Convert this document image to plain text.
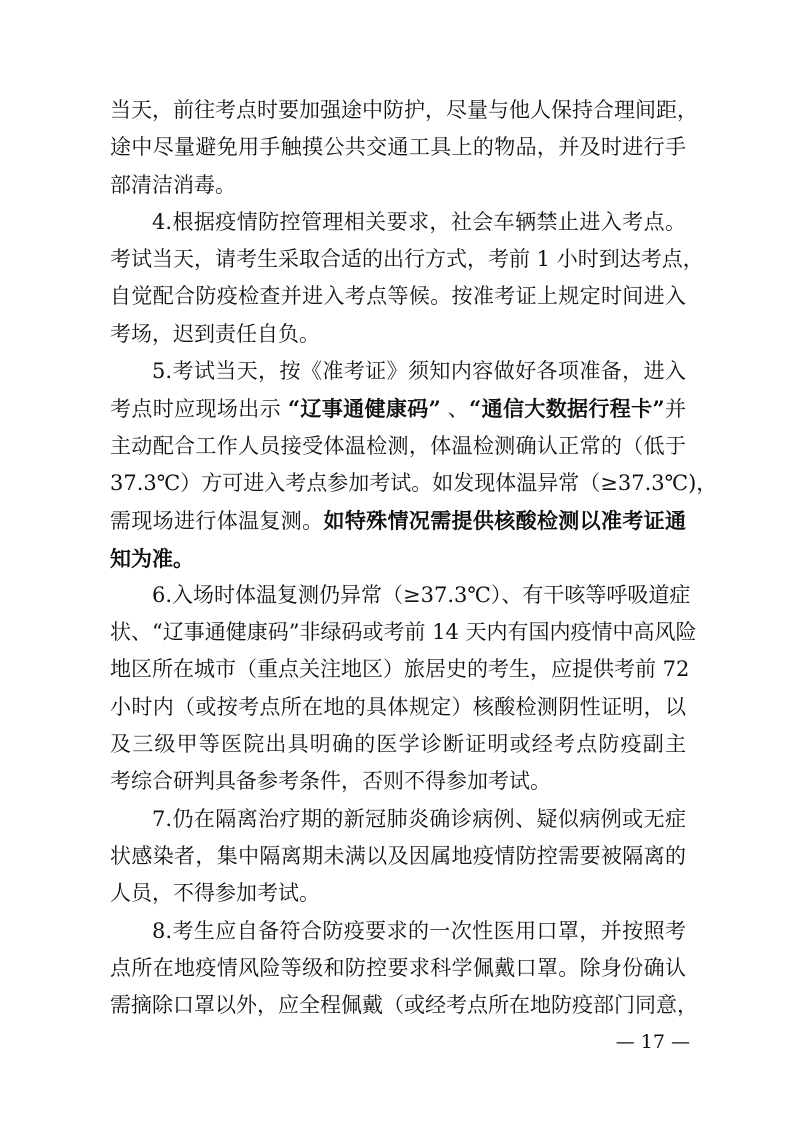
当天，前往考点时要加强途中防护，尽量与他人保持合理间距，
途中尽量避免用手触摸公共交通工具上的物品，并及时进行手
部清洁消毒。
4.根据疫情防控管理相关要求，社会车辆禁止进入考点。
考试当天，请考生采取合适的出行方式，考前 1 小时到达考点，
自觉配合防疫检查并进入考点等候。按准考证上规定时间进入
考场，迟到责任自负。
5.考试当天，按《准考证》须知内容做好各项准备，进入
考点时应现场出示 “辽事通健康码” 、“通信大数据行程卡”并
主动配合工作人员接受体温检测，体温检测确认正常的（低于
37.3℃）方可进入考点参加考试。如发现体温异常（≥37.3℃)，
需现场进行体温复测。如特殊情况需提供核酸检测以准考证通
知为准。
6.入场时体温复测仍异常（≥37.3℃）、有干咳等呼吸道症
状、“辽事通健康码”非绿码或考前 14 天内有国内疫情中高风险
地区所在城市（重点关注地区）旅居史的考生，应提供考前 72
小时内（或按考点所在地的具体规定）核酸检测阴性证明，以
及三级甲等医院出具明确的医学诊断证明或经考点防疫副主
考综合研判具备参考条件，否则不得参加考试。
7.仍在隔离治疗期的新冠肺炎确诊病例、疑似病例或无症
状感染者，集中隔离期未满以及因属地疫情防控需要被隔离的
人员，不得参加考试。
8.考生应自备符合防疫要求的一次性医用口罩，并按照考
点所在地疫情风险等级和防控要求科学佩戴口罩。除身份确认
需摘除口罩以外，应全程佩戴（或经考点所在地防疫部门同意，
— 17 —
